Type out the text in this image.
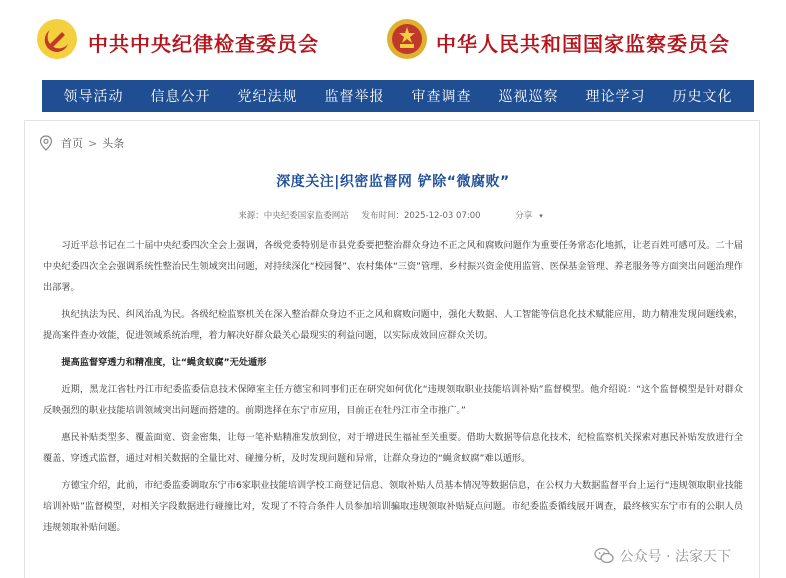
中共中央纪律检查委员会	中华人民共和国国家监察委员会
领导活动 信息公开 党纪法规 监督举报 审查调查 巡视巡察 理论学习 历史文化
首页 > 头条
深度关注|织密监督网 铲除“微腐败”
来源：中央纪委国家监委网站 发布时间：2025-12-03 07:00	分享 ▾

习近平总书记在二十届中央纪委四次全会上强调，各级党委特别是市县党委要把整治群众身边不正之风和腐败问题作为重要任务常态化地抓，让老百姓可感可及。二十届中央纪委四次全会强调系统性整治民生领域突出问题，对持续深化“校园餐”、农村集体“三资”管理、乡村振兴资金使用监管、医保基金管理、养老服务等方面突出问题治理作出部署。

执纪执法为民、纠风治乱为民。各级纪检监察机关在深入整治群众身边不正之风和腐败问题中，强化大数据、人工智能等信息化技术赋能应用，助力精准发现问题线索，提高案件查办效能，促进领域系统治理，着力解决好群众最关心最现实的利益问题，以实际成效回应群众关切。

提高监督穿透力和精准度，让“蝇贪蚁腐”无处遁形

近期，黑龙江省牡丹江市纪委监委信息技术保障室主任方德宝和同事们正在研究如何优化“违规领取职业技能培训补贴”监督模型。他介绍说：“这个监督模型是针对群众反映强烈的职业技能培训领域突出问题而搭建的。前期选择在东宁市应用，目前正在牡丹江市全市推广。”

惠民补贴类型多、覆盖面宽、资金密集，让每一笔补贴精准发放到位，对于增进民生福祉至关重要。借助大数据等信息化技术，纪检监察机关探索对惠民补贴发放进行全覆盖、穿透式监督，通过对相关数据的全量比对、碰撞分析，及时发现问题和异常，让群众身边的“蝇贪蚁腐”难以遁形。

方德宝介绍，此前，市纪委监委调取东宁市6家职业技能培训学校工商登记信息、领取补贴人员基本情况等数据信息，在公权力大数据监督平台上运行“违规领取职业技能培训补贴”监督模型，对相关字段数据进行碰撞比对，发现了不符合条件人员参加培训骗取违规领取补贴疑点问题。市纪委监委循线展开调查，最终核实东宁市有的公职人员违规领取补贴问题。

公众号 · 法家天下
